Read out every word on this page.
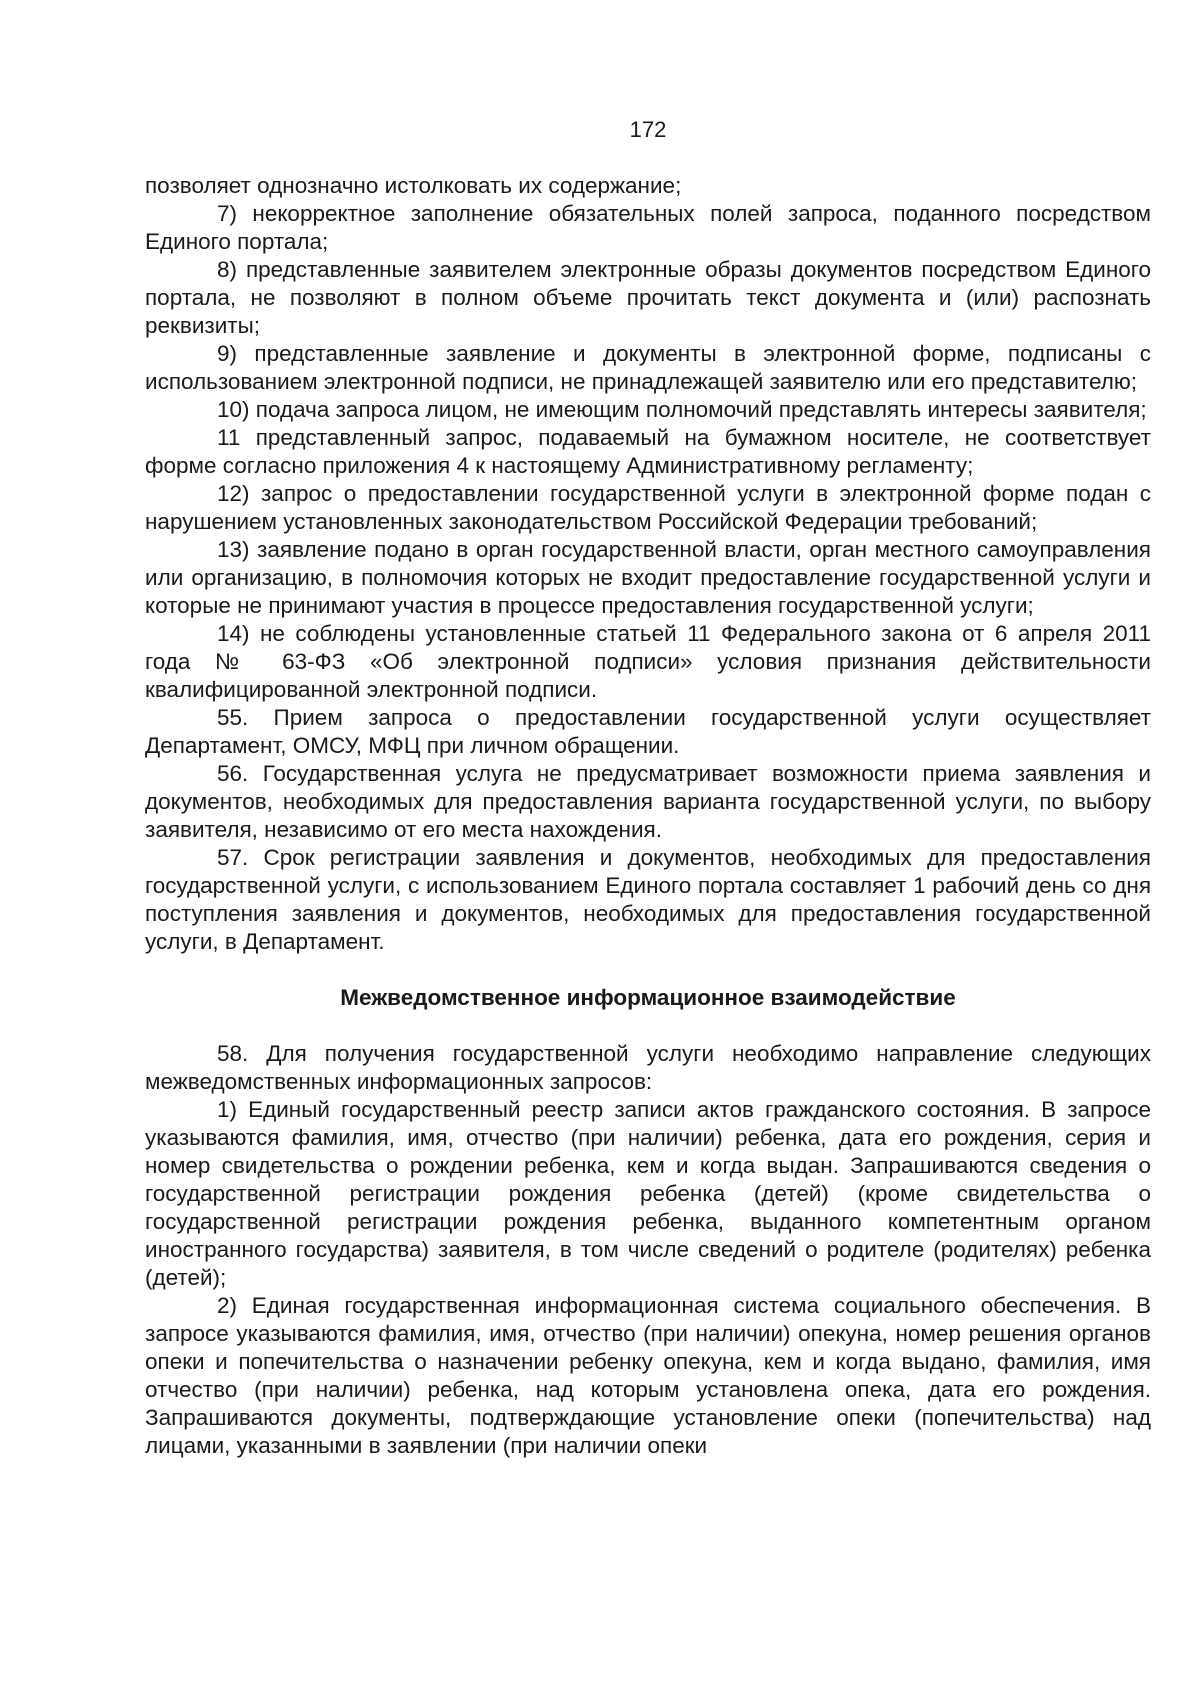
172

позволяет однозначно истолковать их содержание;

7) некорректное заполнение обязательных полей запроса, поданного посредством Единого портала;

8) представленные заявителем электронные образы документов посредством Единого портала, не позволяют в полном объеме прочитать текст документа и (или) распознать реквизиты;

9) представленные заявление и документы в электронной форме, подписаны с использованием электронной подписи, не принадлежащей заявителю или его представителю;

10) подача запроса лицом, не имеющим полномочий представлять интересы заявителя;

11 представленный запрос, подаваемый на бумажном носителе, не соответствует форме согласно приложения 4 к настоящему Административному регламенту;

12) запрос о предоставлении государственной услуги в электронной форме подан с нарушением установленных законодательством Российской Федерации требований;

13) заявление подано в орган государственной власти, орган местного самоуправления или организацию, в полномочия которых не входит предоставление государственной услуги и которые не принимают участия в процессе предоставления государственной услуги;

14) не соблюдены установленные статьей 11 Федерального закона от 6 апреля 2011 года № 63-ФЗ «Об электронной подписи» условия признания действительности квалифицированной электронной подписи.

55. Прием запроса о предоставлении государственной услуги осуществляет Департамент, ОМСУ, МФЦ при личном обращении.

56. Государственная услуга не предусматривает возможности приема заявления и документов, необходимых для предоставления варианта государственной услуги, по выбору заявителя, независимо от его места нахождения.

57. Срок регистрации заявления и документов, необходимых для предоставления государственной услуги, с использованием Единого портала составляет 1 рабочий день со дня поступления заявления и документов, необходимых для предоставления государственной услуги, в Департамент.

Межведомственное информационное взаимодействие

58. Для получения государственной услуги необходимо направление следующих межведомственных информационных запросов:

1) Единый государственный реестр записи актов гражданского состояния. В запросе указываются фамилия, имя, отчество (при наличии) ребенка, дата его рождения, серия и номер свидетельства о рождении ребенка, кем и когда выдан. Запрашиваются сведения о государственной регистрации рождения ребенка (детей) (кроме свидетельства о государственной регистрации рождения ребенка, выданного компетентным органом иностранного государства) заявителя, в том числе сведений о родителе (родителях) ребенка (детей);

2) Единая государственная информационная система социального обеспечения. В запросе указываются фамилия, имя, отчество (при наличии) опекуна, номер решения органов опеки и попечительства о назначении ребенку опекуна, кем и когда выдано, фамилия, имя отчество (при наличии) ребенка, над которым установлена опека, дата его рождения. Запрашиваются документы, подтверждающие установление опеки (попечительства) над лицами, указанными в заявлении (при наличии опеки
